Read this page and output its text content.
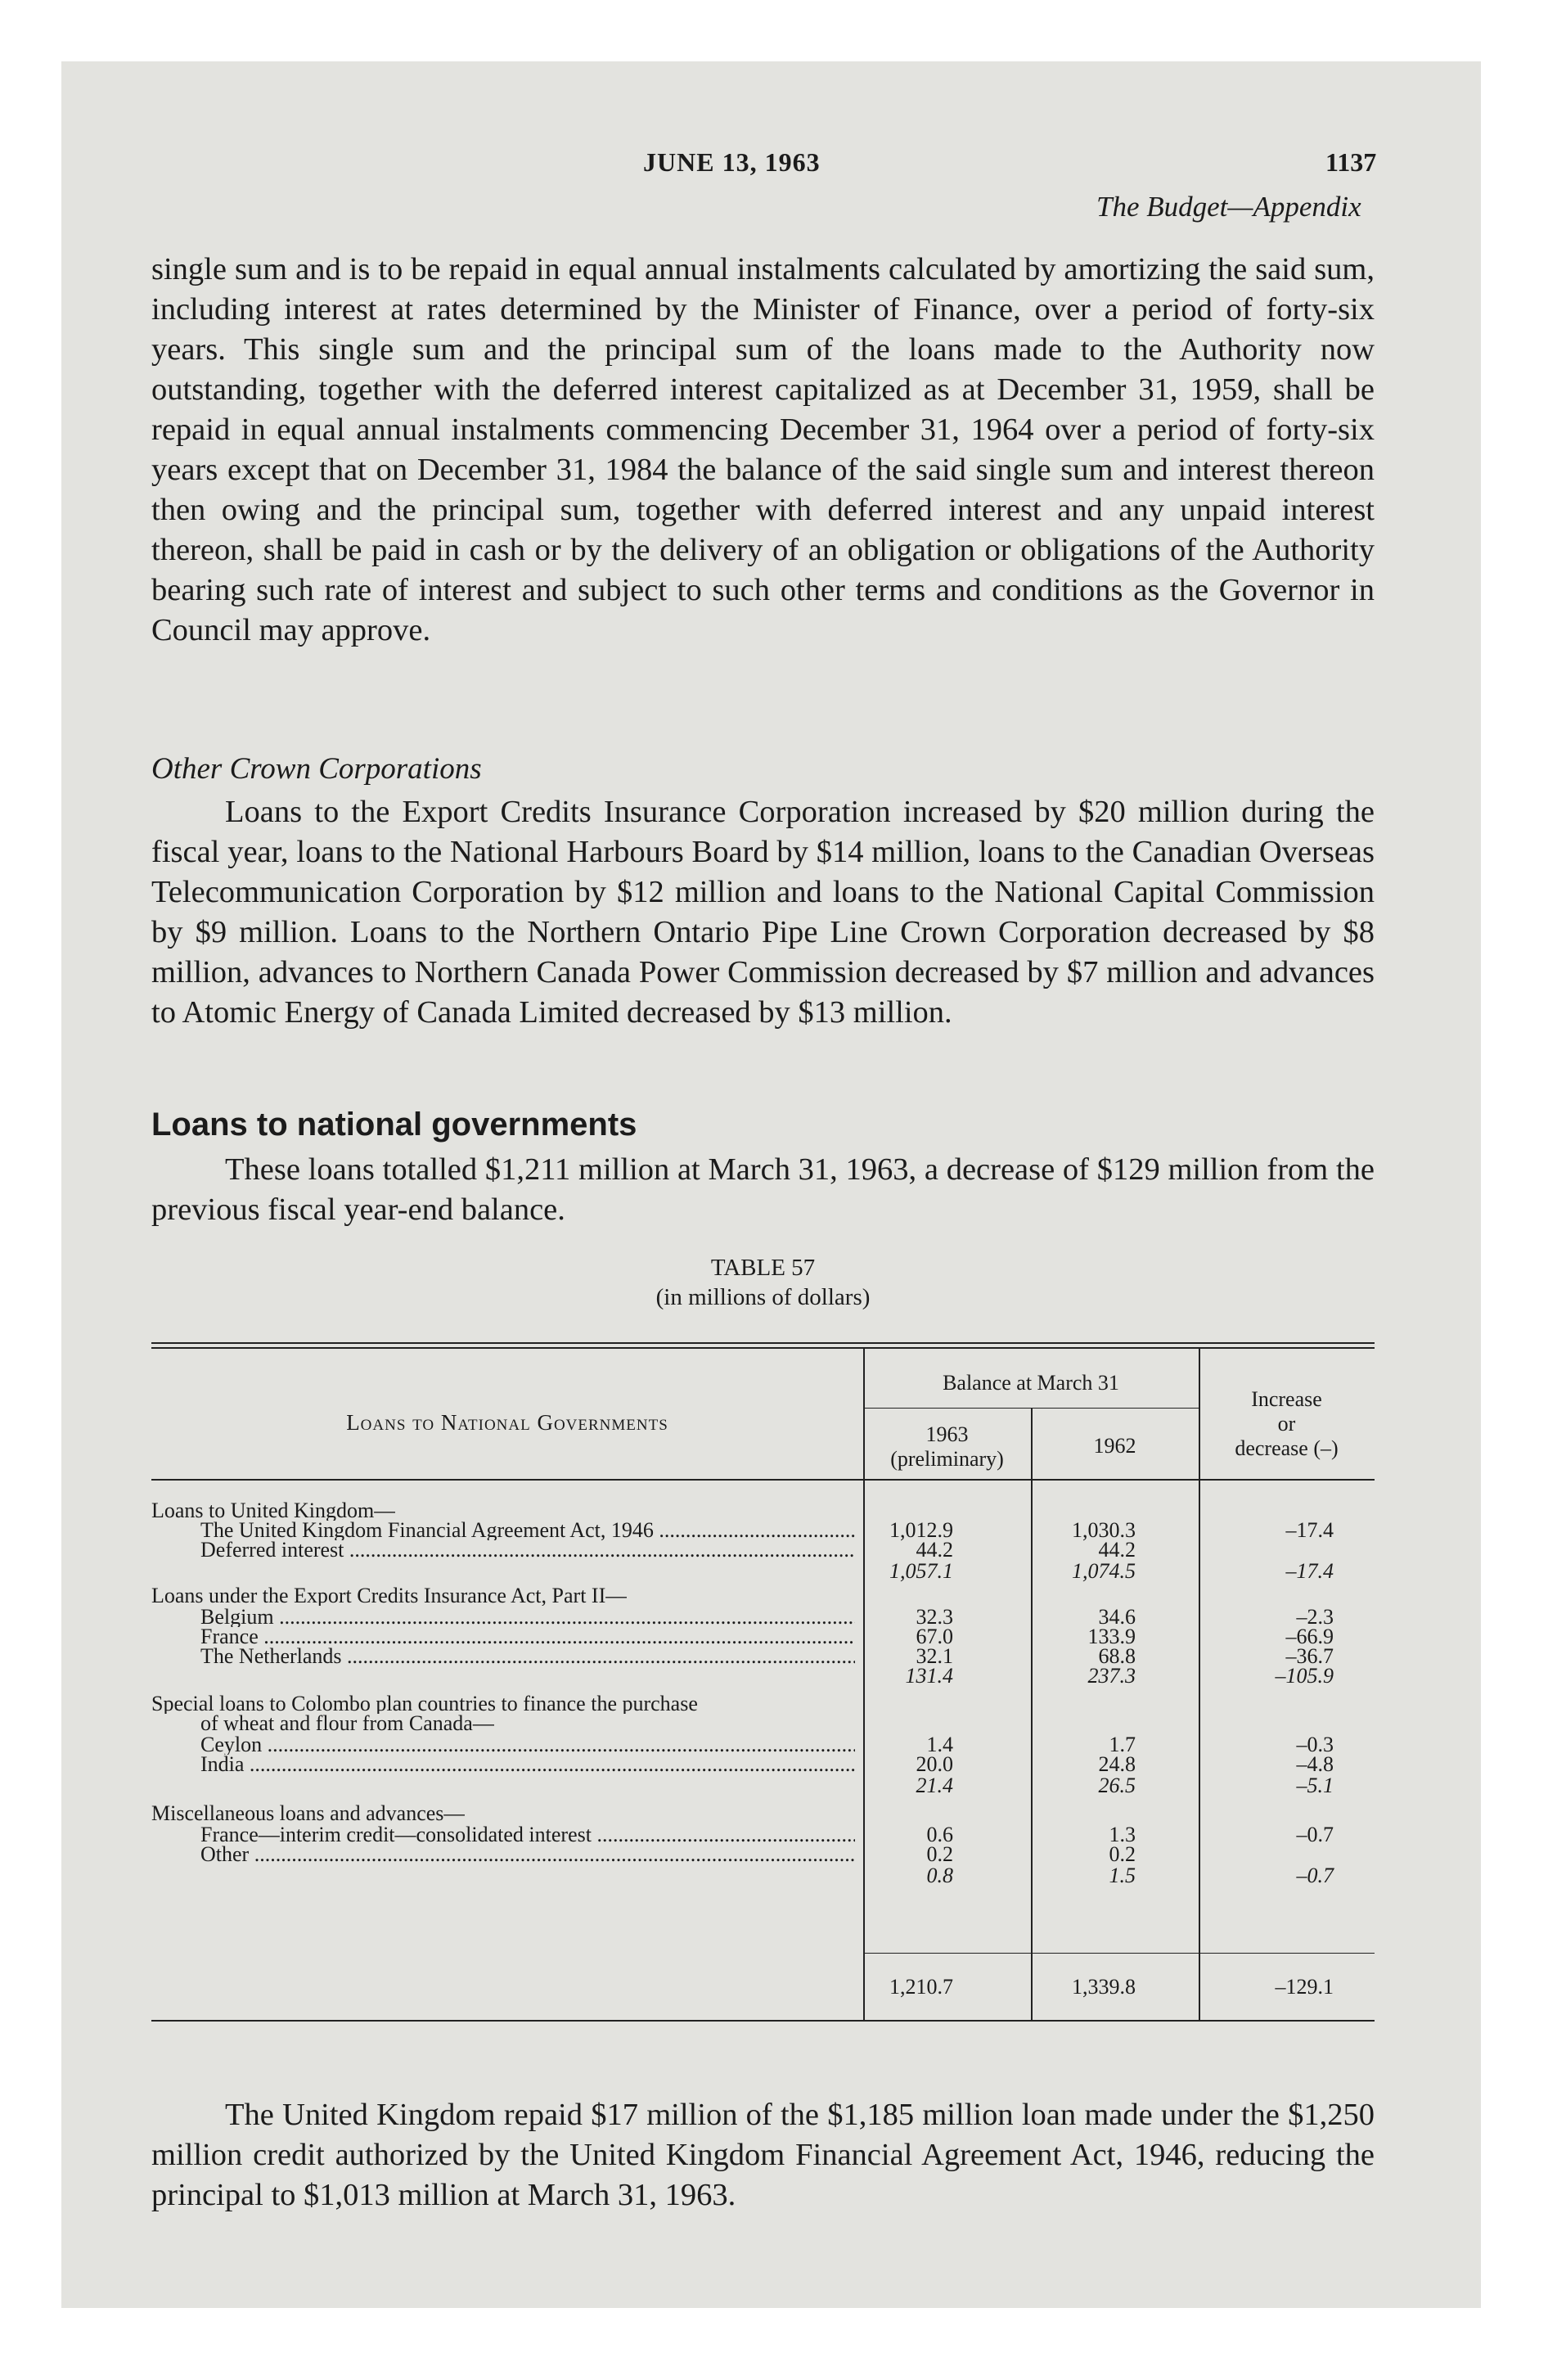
JUNE 13, 1963	1137
The Budget—Appendix

single sum and is to be repaid in equal annual instalments calculated by amortizing the said sum, including interest at rates determined by the Minister of Finance, over a period of forty-six years. This single sum and the principal sum of the loans made to the Authority now outstanding, together with the deferred interest capitalized as at December 31, 1959, shall be repaid in equal annual instalments commencing December 31, 1964 over a period of forty-six years except that on December 31, 1984 the balance of the said single sum and interest thereon then owing and the principal sum, together with deferred interest and any unpaid interest thereon, shall be paid in cash or by the delivery of an obligation or obligations of the Authority bearing such rate of interest and subject to such other terms and conditions as the Governor in Council may approve.

Other Crown Corporations

Loans to the Export Credits Insurance Corporation increased by $20 million during the fiscal year, loans to the National Harbours Board by $14 million, loans to the Canadian Overseas Telecommunication Corporation by $12 million and loans to the National Capital Commission by $9 million. Loans to the Northern Ontario Pipe Line Crown Corporation decreased by $8 million, advances to Northern Canada Power Commission decreased by $7 million and advances to Atomic Energy of Canada Limited decreased by $13 million.

Loans to national governments

These loans totalled $1,211 million at March 31, 1963, a decrease of $129 million from the previous fiscal year-end balance.

TABLE 57
(in millions of dollars)
Loans to National Governments
Balance at March 31
1963
(preliminary)
1962
Increase
or
decrease (–)
Loans to United Kingdom—
The United Kingdom Financial Agreement Act, 1946 .....	1,012.9	1,030.3	–17.4
Deferred interest .....	44.2	44.2
1,057.1	1,074.5	–17.4
Loans under the Export Credits Insurance Act, Part II—
Belgium .....	32.3	34.6	–2.3
France .....	67.0	133.9	–66.9
The Netherlands .....	32.1	68.8	–36.7
131.4	237.3	–105.9
Special loans to Colombo plan countries to finance the purchase
of wheat and flour from Canada—
Ceylon .....	1.4	1.7	–0.3
India .....	20.0	24.8	–4.8
21.4	26.5	–5.1
Miscellaneous loans and advances—
France—interim credit—consolidated interest .....	0.6	1.3	–0.7
Other .....	0.2	0.2
0.8	1.5	–0.7
1,210.7	1,339.8	–129.1

The United Kingdom repaid $17 million of the $1,185 million loan made under the $1,250 million credit authorized by the United Kingdom Financial Agreement Act, 1946, reducing the principal to $1,013 million at March 31, 1963.
